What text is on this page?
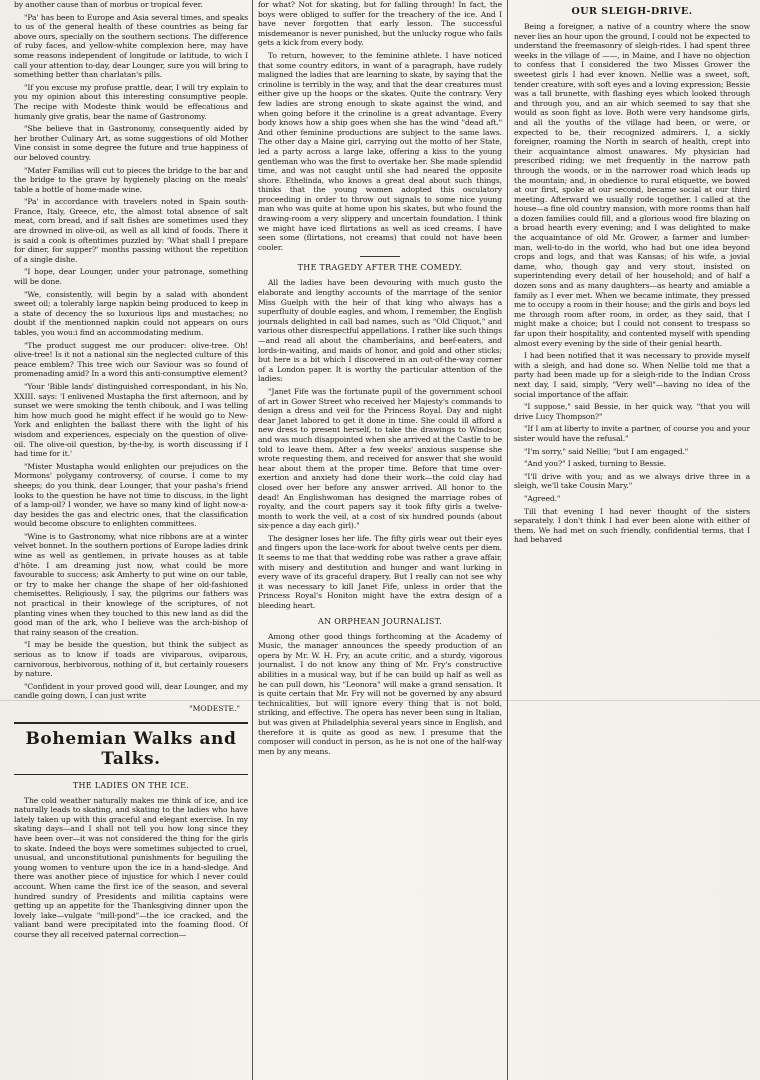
by another cause than of morbus or tropical fever.

"Pa' has been to Europe and Asia several times, and speaks to us of the general health of these countries as being far above ours, specially on the southern sections. The difference of ruby faces, and yellow-white complexion here, may have some reasons independent of longitude or latitude, to wich I call your attention to-day, dear Lounger, sure you will bring to something better than charlatan's pills.

"If you excuse my profuse prattle, dear, I will try explain to you my opinion about this interesting consumptive people. The recipe with Modeste think would be effecatious and humanly give gratis, bear the name of Gastronomy.

"She believe that in Gastronomy, consequently aided by her brother Culinary Art, as some suggestions of old Mother Vine consist in some degree the future and true happiness of our beloved country.

"Mater Familias will cut to pieces the bridge to the bar and the bridge to the grave by hygienely placing on the meals' table a bottle of home-made wine.

"Pa' in accordance with travelers noted in Spain south-France, Italy, Greece, etc, the almost total absence of salt meat, corn bread, and if salt fishes are sometimes used they are drowned in olive-oil, as well as all kind of foods. There it is said a cook is oftentimes puzzled by: 'What shall I prepare for diner, for supper?' months passing without the repetition of a single dishe.

"I hope, dear Lounger, under your patronage, something will be done.

"We, consistently, will begin by a salad with abondent sweet oil; a tolerably large napkin being produced to keep in a state of decency the so luxurious lips and mustaches; no doubt if the mentionned napkin could not appears on ours tables, you wou:i find an accommodating medium.

"The product suggest me our producer: olive-tree. Oh! olive-tree! Is it not a national sin the neglected culture of this peace emblem? This tree wich our Saviour was so found of promenading amid? In a word this anti-consumptive element?

"Your 'Bible lands' distinguished correspondant, in his No. XXIII. says: 'I enlivened Mustapha the first afternoon, and by sunset we were smoking the tenth chibouk, and I was telling him how much good he might effect if he would go to New-York and enlighten the ballast there with the light of his wisdom and experiences, especialy on the question of olive-oil. The olive-oil question, by-the-by, is worth discussing if I had time for it.'

"Mister Mustapha would enlighten our prejudices on the Mormons' polygamy controversy, of course. I come to my sheeps; do you think, dear Lounger, that your pasha's friend looks to the question he have not time to discuss, in the light of a lamp-oil? I wonder, we have so many kind of light now-a-day besides the gas and electric ones, that the classification would become obscure to enlighten committees.

"Wine is to Gastronomy, what nice ribbons are at a winter velvet bonnet. In the southern portions of Europe ladies drink wine as well as gentlemen, in private houses as at table d'hôte. I am dreaming just now, what could be more favourable to success; ask Amherty to put wine on our table, or try to make her change the shape of her old-fashioned chemisettes. Religiously, I say, the pilgrims our fathers was not practical in their knowlege of the scriptures, of not planting vines when they touched to this new land as did the good man of the ark, who I believe was the arch-bishop of that rainy season of the creation.

"I may be beside the question, but think the subject as serious as to know if toads are viviparous, oviparous, carnivorous, herbivorous, nothing of it, but certainly rouesers by nature.

"Confident in your proved good will, dear Lounger, and my candle going down, I can just write

"MODESTE."
Bohemian Walks and Talks.
THE LADIES ON THE ICE.

The cold weather naturally makes me think of ice, and ice naturally leads to skating, and skating to the ladies who have lately taken up with this graceful and elegant exercise. In my skating days—and I shall not tell you how long since they have been over—it was not considered the thing for the girls to skate. Indeed the boys were sometimes subjected to cruel, unusual, and unconstitutional punishments for beguiling the young women to venture upon the ice in a hand-sledge. And there was another piece of injustice for which I never could account. When came the first ice of the season, and several hundred sundry of Presidents and militia captains were getting up an appetite for the Thanksgiving dinner upon the lovely lake—vulgate "mill-pond"—the ice cracked, and the valiant band were precipitated into the foaming flood. Of course they all received paternal correction—

for what? Not for skating, but for falling through! In fact, the boys were obliged to suffer for the treachery of the ice. And I have never forgotten that early lesson. The successful misdemeanor is never punished, but the unlucky rogue who fails gets a kick from every body.

To return, however, to the feminine athlete. I have noticed that some country editors, in want of a paragraph, have rudely maligned the ladies that are learning to skate, by saying that the crinoline is terribly in the way, and that the dear creatures must either give up the hoops or the skates. Quite the contrary. Very few ladies are strong enough to skate against the wind, and when going before it the crinoline is a great advantage. Every body knows how a ship goes when she has the wind "dead aft." And other feminine productions are subject to the same laws. The other day a Maine girl, carrying out the motto of her State, led a party across a large lake, offering a kiss to the young gentleman who was the first to overtake her. She made splendid time, and was not caught until she had neared the opposite shore. Ethelinda, who knows a great deal about such things, thinks that the young women adopted this osculatory proceeding in order to throw out signals to some nice young man who was quite at home upon his skates, but who found the drawing-room a very slippery and uncertain foundation. I think we might have iced flirtations as well as iced creams. I have seen some (flirtations, not creams) that could not have been cooler.

THE TRAGEDY AFTER THE COMEDY.

All the ladies have been devouring with much gusto the elaborate and lengthy accounts of the marriage of the senior Miss Guelph with the heir of that king who always has a superfluity of double eagles, and whom, I remember, the English journals delighted in call bad names, such as "Old Cliquot," and various other disrespectful appellations. I rather like such things—and read all about the chamberlains, and beef-eaters, and lords-in-waiting, and maids of honor, and gold and other sticks; but here is a bit which I discovered in an out-of-the-way corner of a London paper. It is worthy the particular attention of the ladies:

"Janet Fife was the fortunate pupil of the government school of art in Gower Street who received her Majesty's commands to design a dress and veil for the Princess Royal. Day and night dear Janet labored to get it done in time. She could ill afford a new dress to present herself, to take the drawings to Windsor, and was much disappointed when she arrived at the Castle to be told to leave them. After a few weeks' anxious suspense she wrote requesting them, and received for answer that she would hear about them at the proper time. Before that time over-exertion and anxiety had done their work—the cold clay had closed over her before any answer arrived. All honor to the dead! An Englishwoman has designed the marriage robes of royalty, and the court papers say it took fifty girls a twelve-month to work the veil, at a cost of six hundred pounds (about six-pence a day each girl)."

The designer loses her life. The fifty girls wear out their eyes and fingers upon the lace-work for about twelve cents per diem. It seems to me that that wedding robe was rather a grave affair, with misery and destitution and hunger and want lurking in every wave of its graceful drapery. But I really can not see why it was necessary to kill Janet Fife, unless in order that the Princess Royal's Honiton might have the extra design of a bleeding heart.

AN ORPHEAN JOURNALIST.

Among other good things forthcoming at the Academy of Music, the manager announces the speedy production of an opera by Mr. W. H. Fry, an acute critic, and a sturdy, vigorous journalist. I do not know any thing of Mr. Fry's constructive abilities in a musical way, but if he can build up half as well as he can pull down, his "Leonora" will make a grand sensation. It is quite certain that Mr. Fry will not be governed by any absurd technicalities, but will ignore every thing that is not bold, striking, and effective. The opera has never been sung in Italian, but was given at Philadelphia several years since in English, and therefore it is quite as good as new. I presume that the composer will conduct in person, as he is not one of the half-way men by any means.

OUR SLEIGH-DRIVE.

Being a foreigner, a native of a country where the snow never lies an hour upon the ground, I could not be expected to understand the freemasonry of sleigh-rides. I had spent three weeks in the village of ——, in Maine, and I have no objection to confess that I considered the two Misses Grower the sweetest girls I had ever known. Nellie was a sweet, soft, tender creature, with soft eyes and a loving expression; Bessie was a tall brunette, with flashing eyes which looked through and through you, and an air which seemed to say that she would as soon fight as love. Both were very handsome girls, and all the youths of the village had been, or were, or expected to be, their recognized admirers. I, a sickly foreigner, roaming the North in search of health, crept into their acquaintance almost unawares. My physician had prescribed riding; we met frequently in the narrow path through the woods, or in the narrower road which leads up the mountain; and, in obedience to rural etiquette, we bowed at our first, spoke at our second, became social at our third meeting. Afterward we usually rode together. I called at the house—a fine old country mansion, with more rooms than half a dozen families could fill, and a glorious wood fire blazing on a broad hearth every evening; and I was delighted to make the acquaintance of old Mr. Grower, a farmer and lumber-man, well-to-do in the world, who had but one idea beyond crops and logs, and that was Kansas; of his wife, a jovial dame, who, though gay and very stout, insisted on superintending every detail of her household; and of half a dozen sons and as many daughters—as hearty and amiable a family as I ever met. When we became intimate, they pressed me to occupy a room in their house; and the girls and boys led me through room after room, in order, as they said, that I might make a choice; but I could not consent to trespass so far upon their hospitality, and contented myself with spending almost every evening by the side of their genial hearth.

I had been notified that it was necessary to provide myself with a sleigh, and had done so. When Nellie told me that a party had been made up for a sleigh-ride to the Indian Cross next day, I said, simply, "Very well"—having no idea of the social importance of the affair.

"I suppose," said Bessie, in her quick way, "that you will drive Lucy Thompson?"

"If I am at liberty to invite a partner, of course you and your sister would have the refusal."

"I'm sorry," said Nellie; "but I am engaged."

"And you?" I asked, turning to Bessie.

"I'll drive with you; and as we always drive three in a sleigh, we'll take Cousin Mary."

"Agreed."

Till that evening I had never thought of the sisters separately. I don't think I had ever been alone with either of them. We had met on such friendly, confidential terms, that I had behaved
